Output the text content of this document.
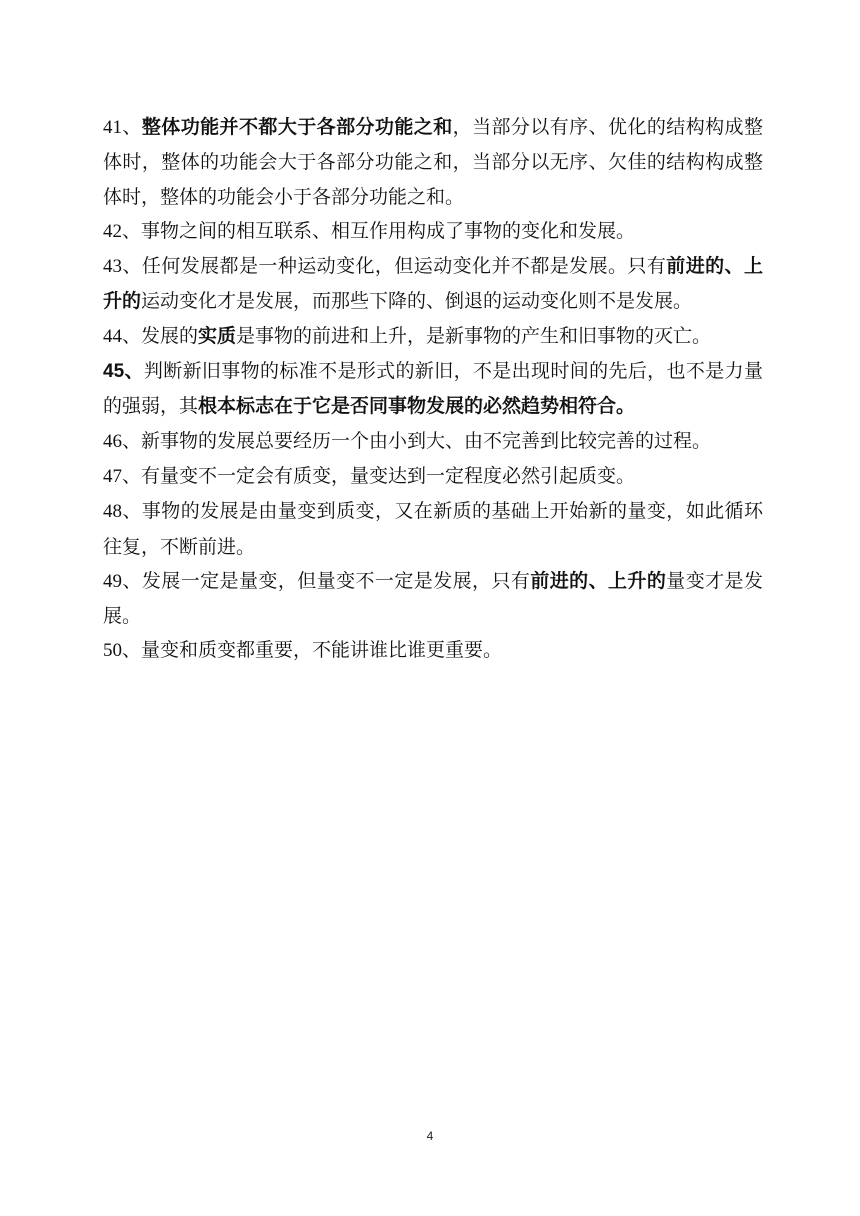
41、整体功能并不都大于各部分功能之和，当部分以有序、优化的结构构成整体时，整体的功能会大于各部分功能之和，当部分以无序、欠佳的结构构成整体时，整体的功能会小于各部分功能之和。

42、事物之间的相互联系、相互作用构成了事物的变化和发展。

43、任何发展都是一种运动变化，但运动变化并不都是发展。只有前进的、上升的运动变化才是发展，而那些下降的、倒退的运动变化则不是发展。

44、发展的实质是事物的前进和上升，是新事物的产生和旧事物的灭亡。

45、判断新旧事物的标准不是形式的新旧，不是出现时间的先后，也不是力量的强弱，其根本标志在于它是否同事物发展的必然趋势相符合。

46、新事物的发展总要经历一个由小到大、由不完善到比较完善的过程。

47、有量变不一定会有质变，量变达到一定程度必然引起质变。

48、事物的发展是由量变到质变，又在新质的基础上开始新的量变，如此循环往复，不断前进。

49、发展一定是量变，但量变不一定是发展，只有前进的、上升的量变才是发展。

50、量变和质变都重要，不能讲谁比谁更重要。

4
